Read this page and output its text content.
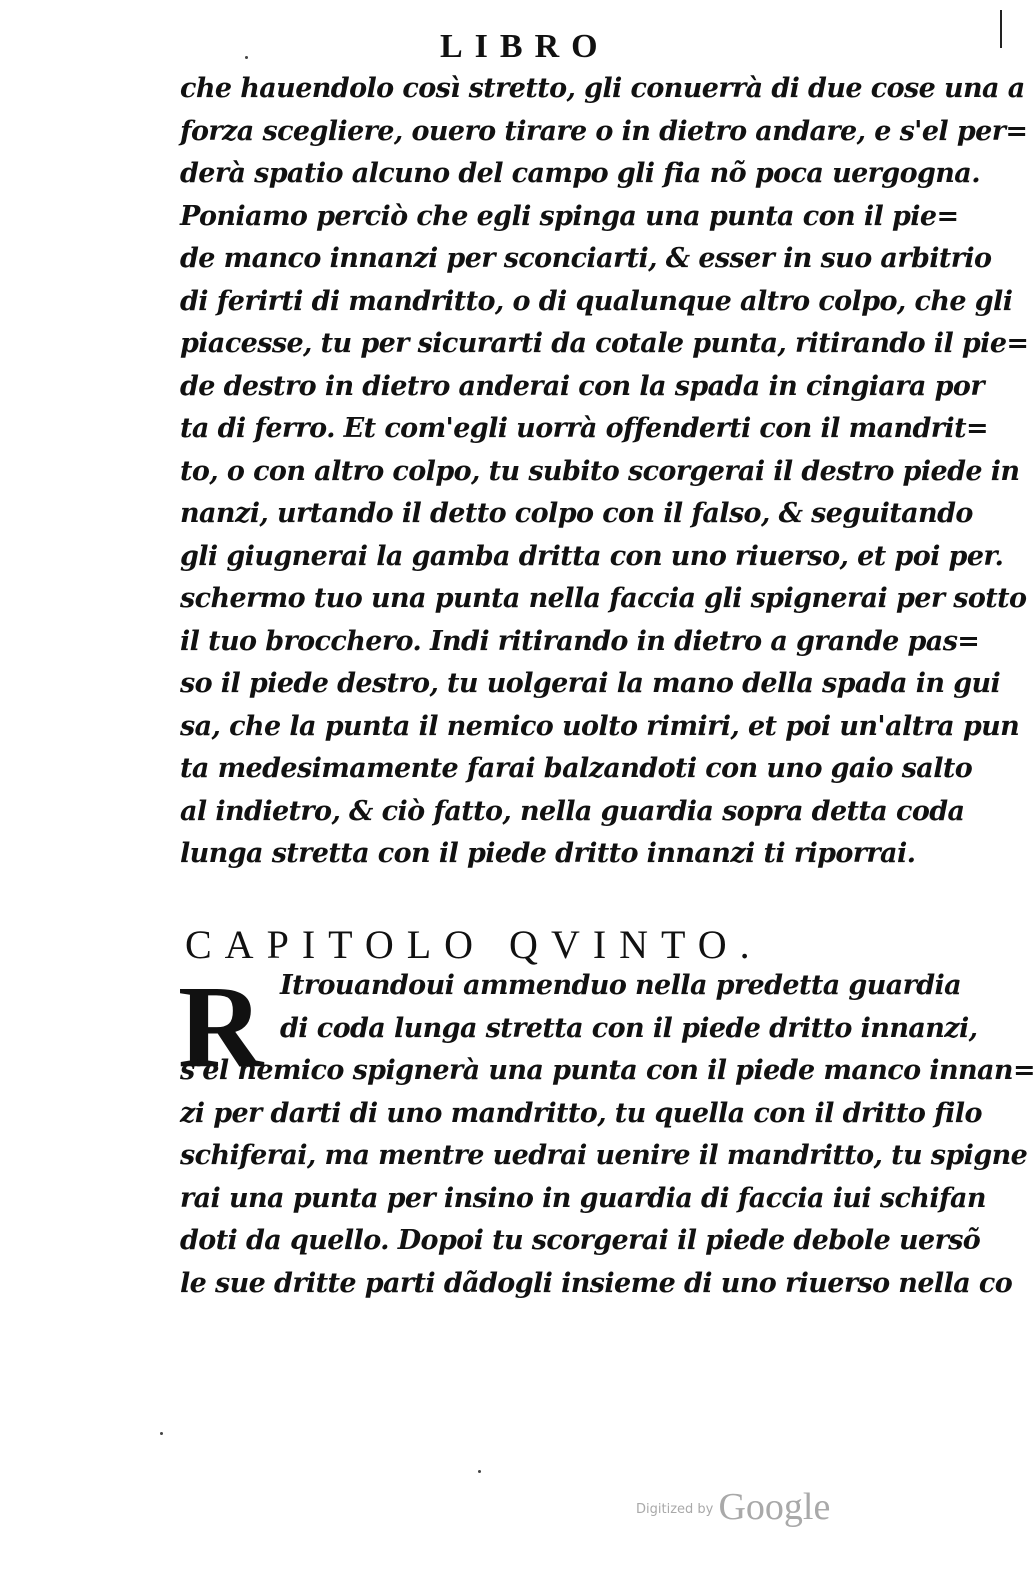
LIBRO
che hauendolo così stretto, gli conuerrà di due cose una a
forza scegliere, ouero tirare o in dietro andare, e s'el per=
derà spatio alcuno del campo gli fia nõ poca uergogna.
Poniamo perciò che egli spinga una punta con il pie=
de manco innanzi per sconciarti, & esser in suo arbitrio
di ferirti di mandritto, o di qualunque altro colpo, che gli
piacesse, tu per sicurarti da cotale punta, ritirando il pie=
de destro in dietro anderai con la spada in cingiara por
ta di ferro. Et com'egli uorrà offenderti con il mandrit=
to, o con altro colpo, tu subito scorgerai il destro piede in
nanzi, urtando il detto colpo con il falso, & seguitando
gli giugnerai la gamba dritta con uno riuerso, et poi per.
schermo tuo una punta nella faccia gli spignerai per sotto
il tuo brocchero. Indi ritirando in dietro a grande pas=
so il piede destro, tu uolgerai la mano della spada in gui
sa, che la punta il nemico uolto rimiri, et poi un'altra pun
ta medesimamente farai balzandoti con uno gaio salto
al indietro, & ciò fatto, nella guardia sopra detta coda
lunga stretta con il piede dritto innanzi ti riporrai.
CAPITOLO QVINTO.
R Itrouandoui ammenduo nella predetta guardia
di coda lunga stretta con il piede dritto innanzi,
s'el nemico spignerà una punta con il piede manco innan=
zi per darti di uno mandritto, tu quella con il dritto filo
schiferai, ma mentre uedrai uenire il mandritto, tu spigne
rai una punta per insino in guardia di faccia iui schifan
doti da quello. Dopoi tu scorgerai il piede debole uersõ
le sue dritte parti dãdogli insieme di uno riuerso nella co
$^{Digitized by}$ Google
